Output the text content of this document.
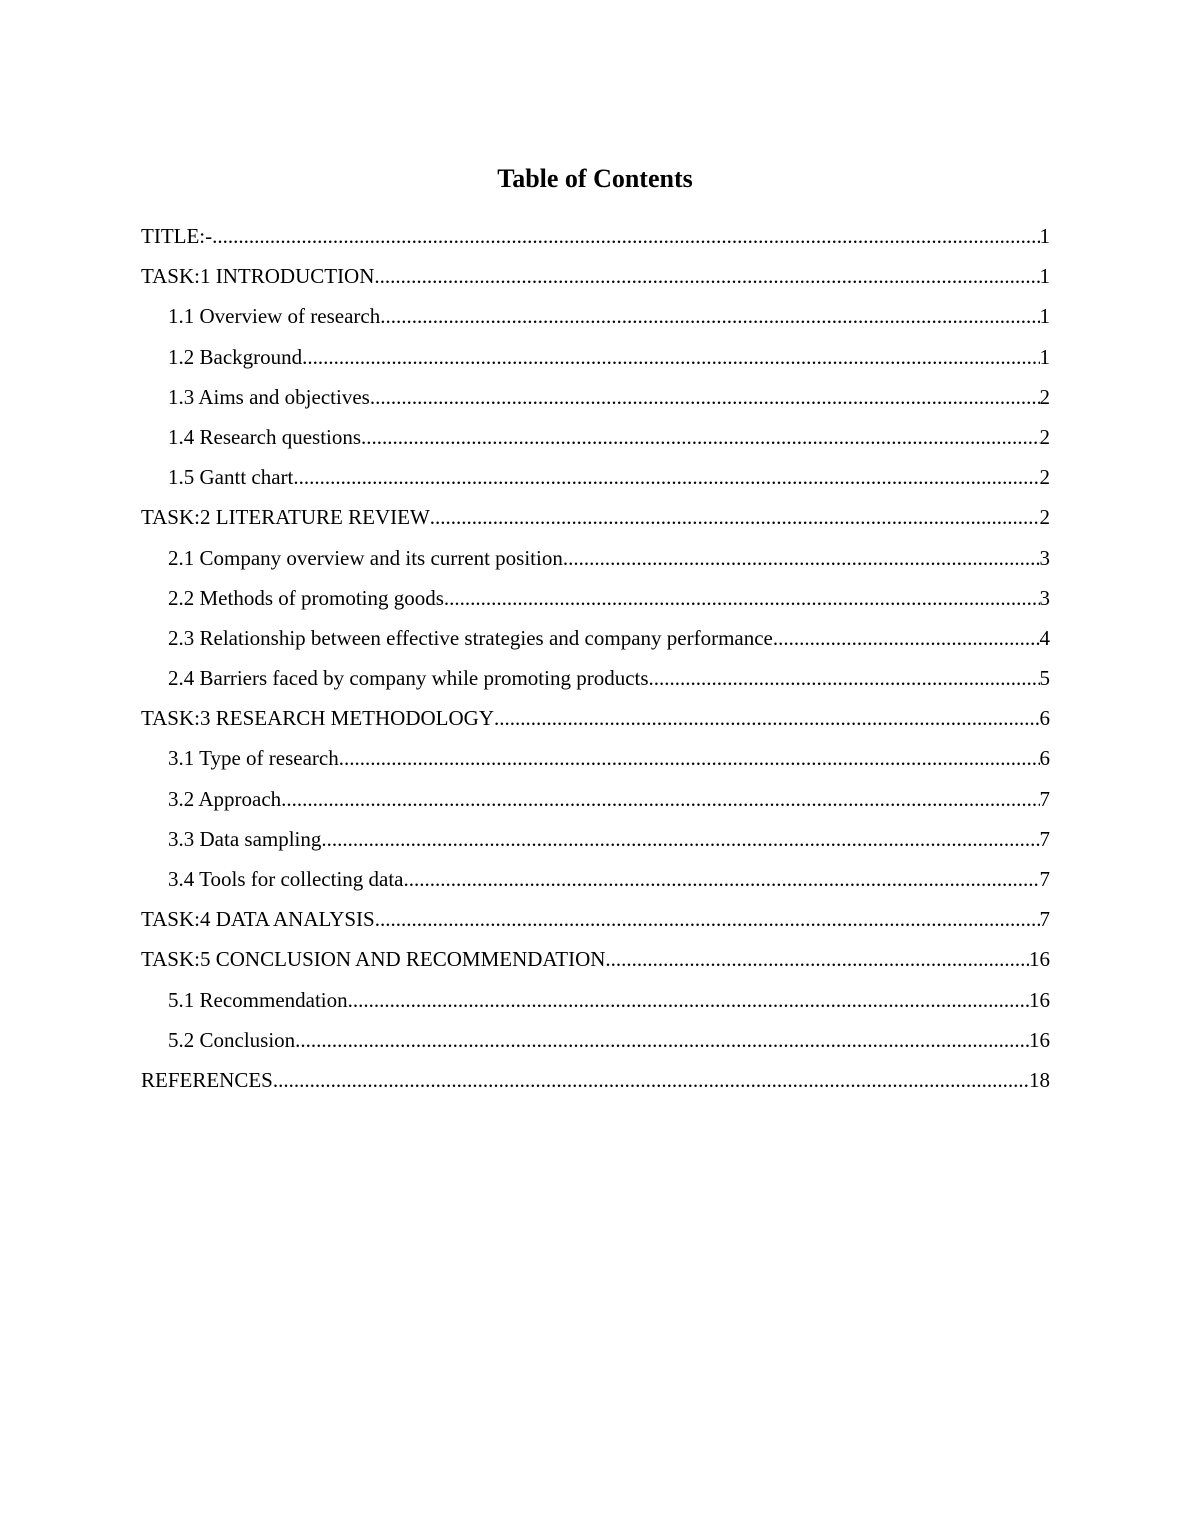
Table of Contents
TITLE:- .....	1
TASK:1 INTRODUCTION .....	1
1.1 Overview of research .....	1
1.2 Background .....	1
1.3 Aims and objectives .....	2
1.4 Research questions .....	2
1.5 Gantt chart .....	2
TASK:2 LITERATURE REVIEW .....	2
2.1 Company overview and its current position .....	3
2.2 Methods of promoting goods .....	3
2.3 Relationship between effective strategies and company performance .....	4
2.4 Barriers faced by company while promoting products .....	5
TASK:3 RESEARCH METHODOLOGY .....	6
3.1 Type of research .....	6
3.2 Approach .....	7
3.3 Data sampling .....	7
3.4 Tools for collecting data .....	7
TASK:4 DATA ANALYSIS .....	7
TASK:5 CONCLUSION AND RECOMMENDATION .....	16
5.1 Recommendation .....	16
5.2 Conclusion .....	16
REFERENCES .....	18
